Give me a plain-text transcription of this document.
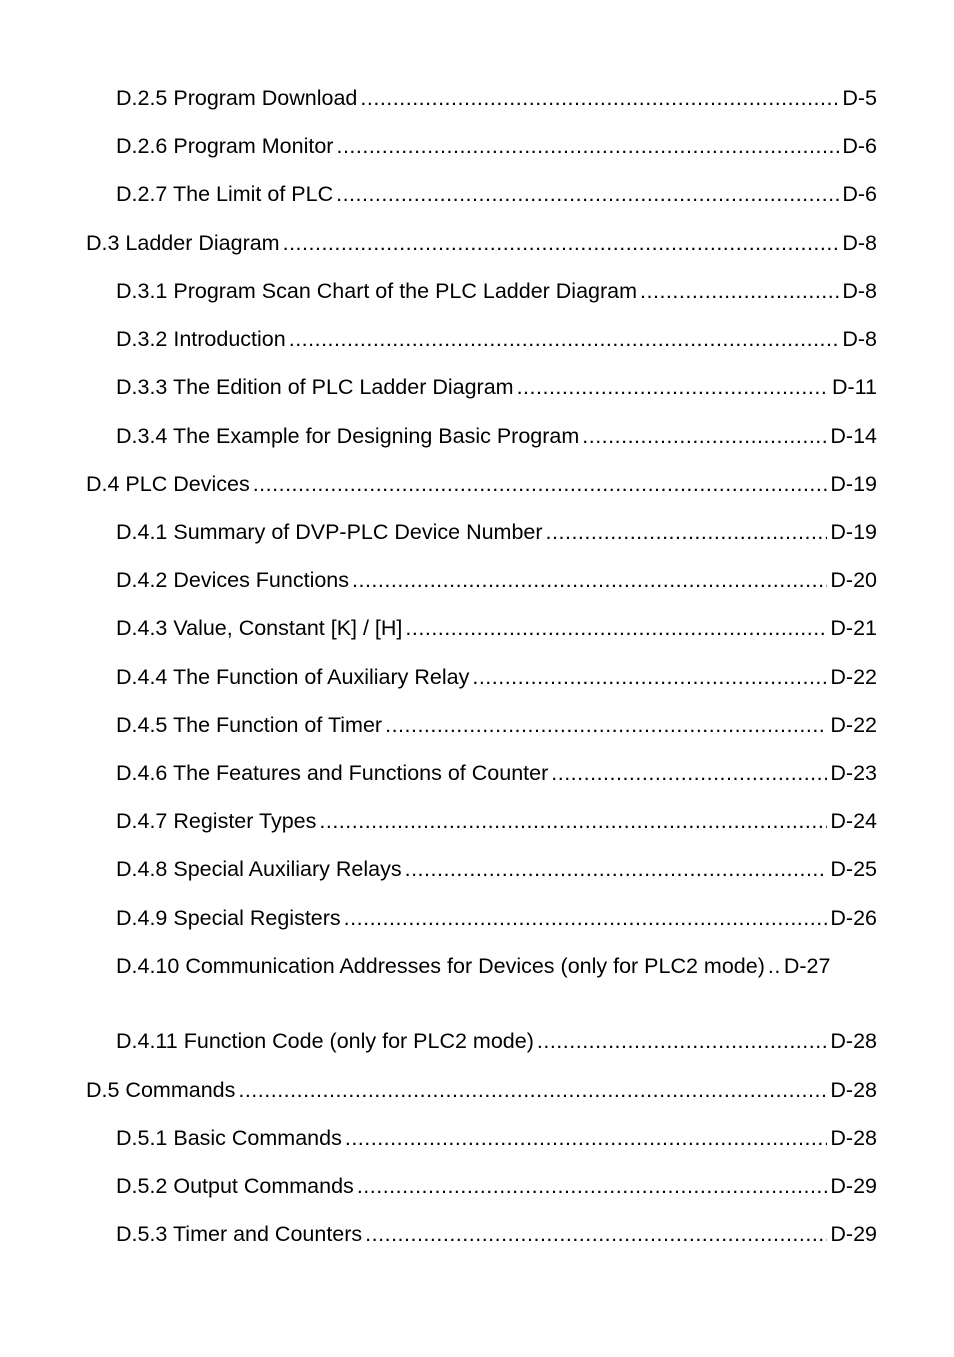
D.2.5 Program Download .....	D-5
D.2.6 Program Monitor .....	D-6
D.2.7 The Limit of PLC .....	D-6
D.3 Ladder Diagram .....	D-8
D.3.1 Program Scan Chart of the PLC Ladder Diagram .....	D-8
D.3.2 Introduction .....	D-8
D.3.3 The Edition of PLC Ladder Diagram .....	D-11
D.3.4 The Example for Designing Basic Program .....	D-14
D.4 PLC Devices .....	D-19
D.4.1 Summary of DVP-PLC Device Number .....	D-19
D.4.2 Devices Functions .....	D-20
D.4.3 Value, Constant [K] / [H] .....	D-21
D.4.4 The Function of Auxiliary Relay .....	D-22
D.4.5 The Function of Timer .....	D-22
D.4.6 The Features and Functions of Counter .....	D-23
D.4.7 Register Types .....	D-24
D.4.8 Special Auxiliary Relays .....	D-25
D.4.9 Special Registers .....	D-26
D.4.10 Communication Addresses for Devices (only for PLC2 mode) .. D-27
D.4.11 Function Code (only for PLC2 mode) .....	D-28
D.5 Commands .....	D-28
D.5.1 Basic Commands .....	D-28
D.5.2 Output Commands .....	D-29
D.5.3 Timer and Counters .....	D-29
